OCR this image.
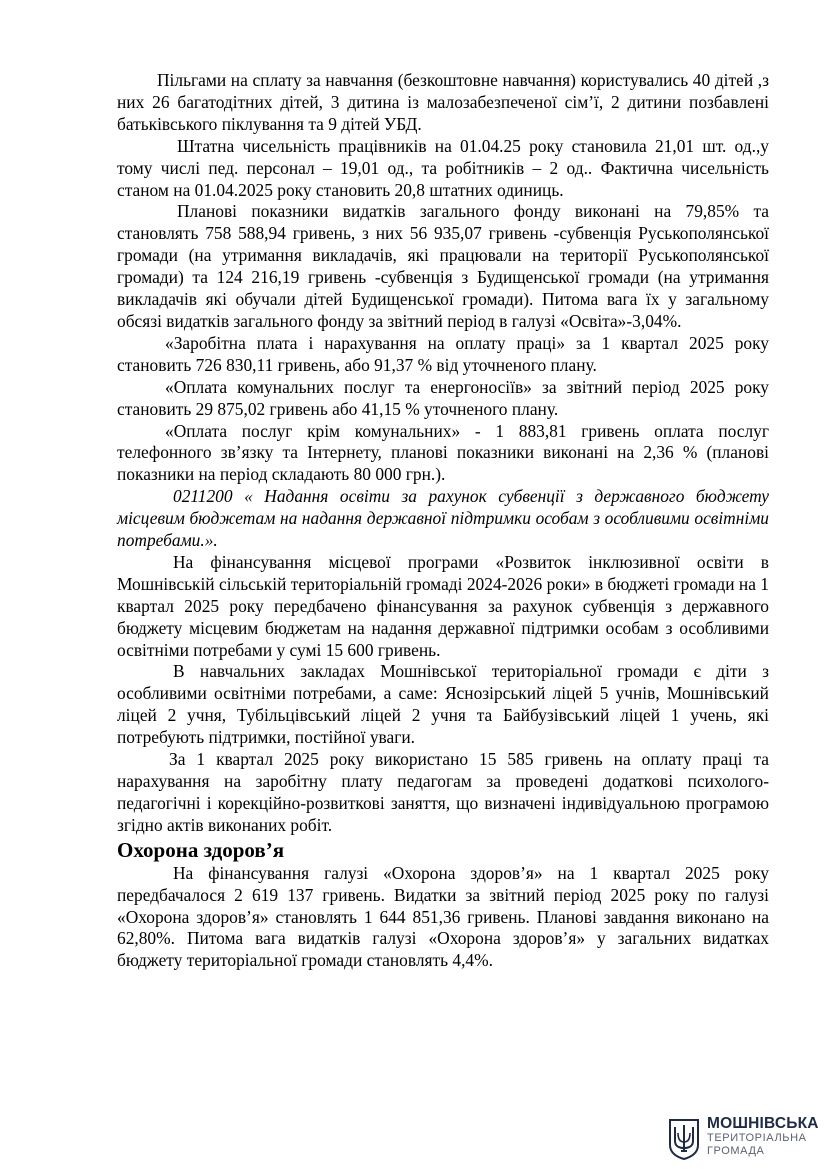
Пільгами на сплату за навчання (безкоштовне навчання) користувались 40 дітей ,з них 26 багатодітних дітей, 3 дитина із малозабезпеченої сім’ї, 2 дитини позбавлені батьківського піклування та 9 дітей УБД.

Штатна чисельність працівників на 01.04.25 року становила 21,01 шт. од.,у тому числі пед. персонал – 19,01 од., та робітників – 2 од.. Фактична чисельність станом на 01.04.2025 року становить 20,8 штатних одиниць.

Планові показники видатків загального фонду виконані на 79,85% та становлять 758 588,94 гривень, з них 56 935,07 гривень -субвенція Руськополянської громади (на утримання викладачів, які працювали на території Руськополянської громади) та 124 216,19 гривень -субвенція з Будищенської громади (на утримання викладачів які обучали дітей Будищенської громади). Питома вага їх у загальному обсязі видатків загального фонду за звітний період в галузі «Освіта»-3,04%.

«Заробітна плата і нарахування на оплату праці» за 1 квартал 2025 року становить 726 830,11 гривень, або 91,37 % від уточненого плану.

«Оплата комунальних послуг та енергоносіїв» за звітний період 2025 року становить 29 875,02 гривень або 41,15 % уточненого плану.

«Оплата послуг крім комунальних» - 1 883,81 гривень оплата послуг телефонного зв’язку та Інтернету, планові показники виконані на 2,36 % (планові показники на період складають 80 000 грн.).

0211200 « Надання освіти за рахунок субвенції з державного бюджету місцевим бюджетам на надання державної підтримки особам з особливими освітніми потребами.».

На фінансування місцевої програми «Розвиток інклюзивної освіти в Мошнівській сільській територіальній громаді 2024-2026 роки» в бюджеті громади на 1 квартал 2025 року передбачено фінансування за рахунок субвенція з державного бюджету місцевим бюджетам на надання державної підтримки особам з особливими освітніми потребами у сумі 15 600 гривень.

В навчальних закладах Мошнівської територіальної громади є діти з особливими освітніми потребами, а саме: Яснозірський ліцей 5 учнів, Мошнівський ліцей 2 учня, Тубільцівський ліцей 2 учня та Байбузівський ліцей 1 учень, які потребують підтримки, постійної уваги.

За 1 квартал 2025 року використано 15 585 гривень на оплату праці та нарахування на заробітну плату педагогам за проведені додаткові психолого-педагогічні і корекційно-розвиткові заняття, що визначені індивідуальною програмою згідно актів виконаних робіт.

Охорона здоров’я

На фінансування галузі «Охорона здоров’я» на 1 квартал 2025 року передбачалося 2 619 137 гривень. Видатки за звітний період 2025 року по галузі «Охорона здоров’я» становлять 1 644 851,36 гривень. Планові завдання виконано на 62,80%. Питома вага видатків галузі «Охорона здоров’я» у загальних видатках бюджету територіальної громади становлять 4,4%.

МОШНІВСЬКА
ТЕРИТОРІАЛЬНА
ГРОМАДА
